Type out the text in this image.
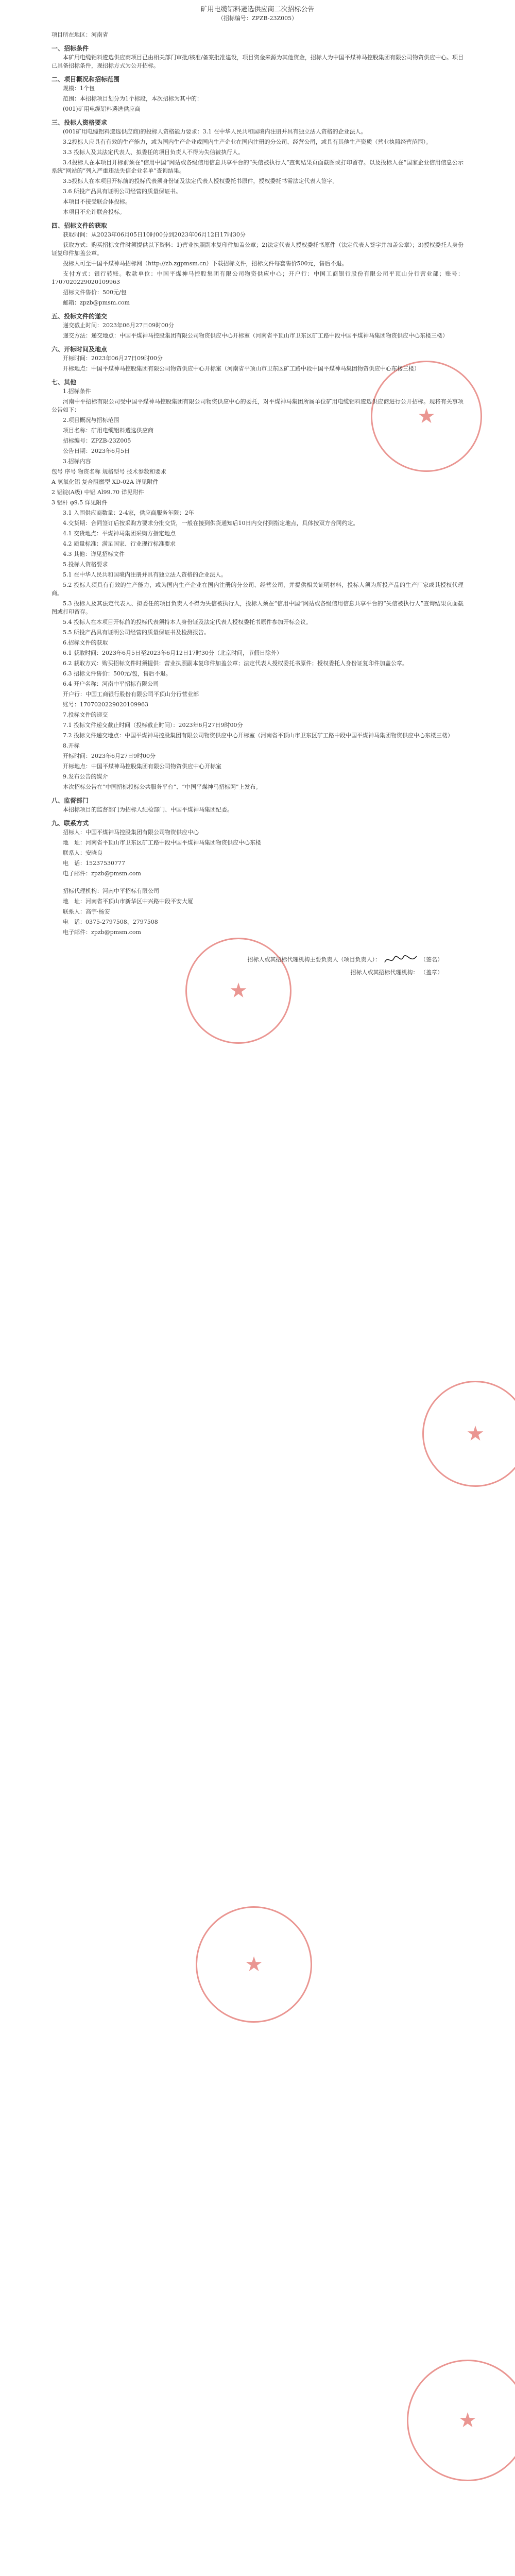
★
★
★
★
★
矿用电缆铝料遴选供应商二次招标公告
（招标编号：ZPZB-23Z005）

项目所在地区：河南省

一、招标条件

本矿用电缆铝料遴选供应商项目已由相关部门审批/核准/备案批准建设，项目资金来源为其他资金，招标人为中国平煤神马控股集团有限公司物资供应中心。项目已具备招标条件，现招标方式为公开招标。

二、项目概况和招标范围

规模：1个包

范围：本招标项目划分为1个标段，本次招标为其中的：

(001)矿用电缆铝料遴选供应商

三、投标人资格要求

(001矿用电缆铝料遴选供应商)的投标人资格能力要求：3.1 在中华人民共和国境内注册并具有独立法人资格的企业法人。

3.2投标人应具有有效的生产能力，或为国内生产企业或国内生产企业在国内注册的分公司、经营公司，或具有其他生产资质（营业执照经营范围）。

3.3 投标人及其法定代表人、拟委任的项目负责人不得为失信被执行人。

3.4投标人在本项目开标前须在“信用中国”网站或各级信用信息共享平台的“失信被执行人”查询结果页面截图或打印留存。以及投标人在“国家企业信用信息公示系统”网站的“列入严重违法失信企业名单”查询结果。

3.5投标人在本项目开标前的投标代表须身份证及法定代表人授权委托书原件，授权委托书需法定代表人签字。

3.6 所投产品具有证明公司经营的质量保证书。

本项目不接受联合体投标。

本项目不允许联合投标。

四、招标文件的获取

获取时间：从2023年06月05日10时00分到2023年06月12日17时30分

获取方式：购买招标文件时须提供以下资料：1)营业执照副本复印件加盖公章；2)法定代表人授权委托书原件（法定代表人签字并加盖公章）；3)授权委托人身份证复印件加盖公章。

投标人可至中国平煤神马招标网（http://zb.zgpmsm.cn）下载招标文件，招标文件每套售价500元，售后不退。

支付方式：银行转账。收款单位：中国平煤神马控股集团有限公司物资供应中心；开户行：中国工商银行股份有限公司平顶山分行营业部；账号：1707020229020109963

招标文件售价：500元/包

邮箱：zpzb@pmsm.com

五、投标文件的递交

递交截止时间：2023年06月27日09时00分

递交方法：递交地点：中国平煤神马控股集团有限公司物资供应中心开标室（河南省平顶山市卫东区矿工路中段中国平煤神马集团物资供应中心东楼三楼）

六、开标时间及地点

开标时间：2023年06月27日09时00分

开标地点：中国平煤神马控股集团有限公司物资供应中心开标室（河南省平顶山市卫东区矿工路中段中国平煤神马集团物资供应中心东楼三楼）

七、其他

1.招标条件

河南中平招标有限公司受中国平煤神马控股集团有限公司物资供应中心的委托，对平煤神马集团所属单位矿用电缆铝料遴选供应商进行公开招标。现将有关事项公告如下：

2.项目概况与招标范围

项目名称：矿用电缆铝料遴选供应商

招标编号：ZPZB-23Z005

公告日期：2023年6月5日

3.招标内容

包号 序号 物资名称 规格型号 技术参数和要求

A 氢氧化铝 复合阻燃型 XD-02A 详见附件

2 铝锭(A级) 中铝 Al99.70 详见附件

3 铝杆 φ9.5 详见附件

3.1 入围供应商数量：2-4家，供应商服务年限：2年

4.交货期：合同签订后按采购方要求分批交货，一般在接到供货通知后10日内交付到指定地点，具体按双方合同约定。

4.1 交货地点：平煤神马集团采购方指定地点

4.2 质量标准：满足国家、行业现行标准要求

4.3 其他：详见招标文件

5.投标人资格要求

5.1 在中华人民共和国境内注册并具有独立法人资格的企业法人。

5.2 投标人须具有有效的生产能力，或为国内生产企业在国内注册的分公司、经营公司，并提供相关证明材料，投标人须为所投产品的生产厂家或其授权代理商。

5.3 投标人及其法定代表人、拟委任的项目负责人不得为失信被执行人，投标人须在“信用中国”网站或各级信用信息共享平台的“失信被执行人”查询结果页面截图或打印留存。

5.4 投标人在本项目开标前的投标代表须持本人身份证及法定代表人授权委托书原件参加开标会议。

5.5 所投产品具有证明公司经营的质量保证书及检测报告。

6.招标文件的获取

6.1 获取时间：2023年6月5日至2023年6月12日17时30分（北京时间，节假日除外）

6.2 获取方式：购买招标文件时须提供：营业执照副本复印件加盖公章；法定代表人授权委托书原件；授权委托人身份证复印件加盖公章。

6.3 招标文件售价：500元/包，售后不退。

6.4 开户名称：河南中平招标有限公司

开户行：中国工商银行股份有限公司平顶山分行营业部

账号：1707020229020109963

7.投标文件的递交

7.1 投标文件递交截止时间（投标截止时间）：2023年6月27日9时00分

7.2 投标文件递交地点：中国平煤神马控股集团有限公司物资供应中心开标室（河南省平顶山市卫东区矿工路中段中国平煤神马集团物资供应中心东楼三楼）

8.开标

开标时间：2023年6月27日9时00分

开标地点：中国平煤神马控股集团有限公司物资供应中心开标室

9.发布公告的媒介

本次招标公告在“中国招标投标公共服务平台”、“中国平煤神马招标网”上发布。

八、监督部门

本招标项目的监督部门为招标人纪检部门、中国平煤神马集团纪委。

九、联系方式

招标人：中国平煤神马控股集团有限公司物资供应中心

地　址：河南省平顶山市卫东区矿工路中段中国平煤神马集团物资供应中心东楼

联系人：安晓良

电　话：15237530777

电子邮件：zpzb@pmsm.com

招标代理机构：河南中平招标有限公司

地　址：河南省平顶山市新华区中兴路中段平安大厦

联系人：高宇·杨安

电　话：0375-2797508、2797508

电子邮件：zpzb@pmsm.com

招标人或其招标代理机构主要负责人（项目负责人）：	（签名）

招标人或其招标代理机构： （盖章）
